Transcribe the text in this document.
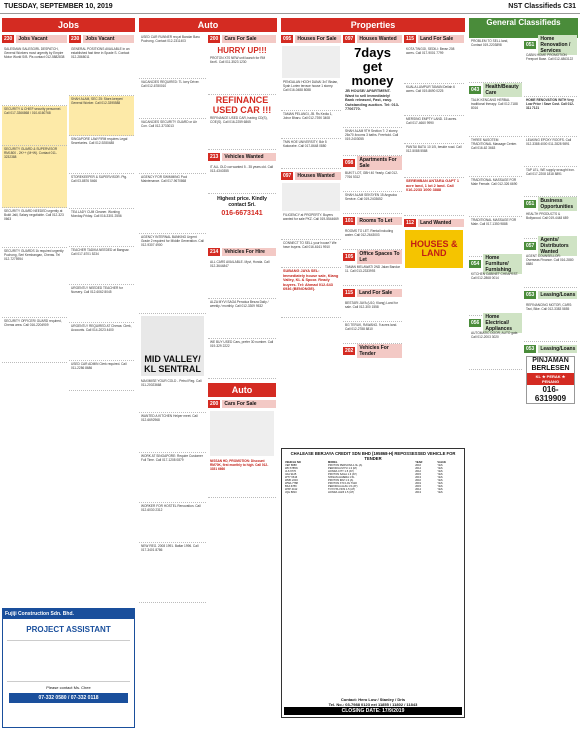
TUESDAY, SEPTEMBER 10, 2019	NST Classifieds C31
Jobs
230	Jobs Vacant
SALESMAN SALESGIRL DESPATCH, General Workers most urgently by Empire Motor World S/B. Pls contact 012-5882838
SECURITY & CHIEF security personnel. Call 017-3366868 / 010-6160768
SECURITY GUARD & SUPERVISOR RM1800 - 2K++ (M+W). Contact 011-3232388
SECURITY GUARD NEEDED urgently at Bukit Jalil, Salary negotiable. Call 012-323 0663
SECURITY GUARDS 1k required urgently Puchong, Seri Kembangan, Cheras. Tel 012-7275954
SECURITY OFFICER/ GUARD required, Cheras area. Call 016-2204909
230	Jobs Vacant
GENERAL POSITIONS AVAILABLE in an established fast time in Spade S. Contact 012-2868011
SHAH ALAM, SEC 25: Store-keeper/ General Worker. Call 012-3395588
SINGAPORE LAW FIRM requires Legal Secretaries. Call 012-9280488
STOREKEEPER & SUPERVISOR. Ptg. Call 03-8876 5466
TEA LADY CUM Cleaner. Working Monday-Friday. Call 016-3301 2556
TEACHER TADIKA NEEDED at Bangsar. Call 017-6701 5234
URGENTLY NEEDED TEACHER for Nursery. Call 012-6062 8045
URGENTLY REQUIRED AT Cheras: Clerk, Accounts. Call 014-2023 4400
USED CAR ADMIN Clerk required. Call 011-2286 8686
Fujiji Construction Sdn. Bhd.
PROJECT ASSISTANT
Please contact Ms. Chee
07-332 0580 / 07-332 0118
Auto
USED CAR RUNNER req at Bandar Baru Puchong. Contact 012-2311403
VACANCIES REQUIRED: TL lorry Driver. Call 012-6780010
VACANCIES SECURITY GUARD or Air Con. Call 012-3733013
AGENCY FOR SWIMMING Pool Maintenance. Call 017-9670868
AGENCY INTERNAL BANKING Urgent Grade 2 required for Middle Generation. Call 012-9307 4900
MID VALLEY/ KL SENTRAL
MAXIMISE YOUR COLD - Petrol Reg. Call 011-20023668
WANTED A KITCHEN Helper meet. Call 012-6692968
WORK AT SINGAPORE: Require Customer Full Time. Call 017-1208 0879
WORKER FOR HOSTEL Renovation. Call 012-6030 2312
NEW REG. 2008 1991. Bafiar 1996. Call 017-3401 8786
200	Cars For Sale
HURRY UP!!!
PROTON X70 NEW unit launch for RM 6xxK. Call 011-3523 1230
REFINANCE USED CAR !!!
REFINANCE USED CAR, having CD(S), COE(S). Call 016-2259 6865
213	Vehicles Wanted
IT ALL OLD car wanted 5 - 35 years old. Call 013-4340355
Highest price. Kindly contact Sri.
016-6673141
214	Vehicles For Hire
ALL CARS AVAILABLE. Myvi, Honda. Call 012-3644847
ALZA MYVI SAGA Perodua Bezza Daily / weekly / monthly. Call 012-3309 9532
WE BUY USED Cars, prefer 30 number. Call 019-329 2222
Auto
200	Cars For Sale
NISSAN HD, PROMOTION: Discount RM70K, first monthly to high. Call 012-3351 6666
Properties
095	Houses For Sale
PENGALAN HOOH DANA! 3x7 Bistan, Syah Lorien terrace house 1 storey. Call 016-0488 8088
TAMAN PELANGI, JB. Rs Kedia 1, Johor Bharu. Call 012-7390 3408
TMN HOE UNIVERSITY, Bdr 5 Kakorahe. Call 017-8648 0880
097	Houses Wanted
FILIGENCY at PROPERTY. Buyers wanted for sale PKZ. Call 019-5544669
CONNECT TO SELL your house? We have buyers. Call 016-6161 9910
SUBANG JAYA SEL: Immediately house sale, Klang Valley, KL & Spoor. Ready buyers. Tel: Ahmad 012-643 6936 (BENONGE).
097	Houses Wanted
7days get money
JB HOUSE/ APARTMENT. Want to sell immediately! Bank released, Fast, easy. Outstanding auction. Tel: 013-7706770.
SHAH ALAM 9TH Section 7: 2 storey. 26x70 4rooms 3 baths. Freehold. Call 019-2403055
098	Apartments For Sale
BUKIT LOT, GBH 40 Yearly. Call 012-7766 5312
SHAH ALAM SEKSYEN 15 Angsoka Service. Call 019-2403652
101	Rooms To Let
ROOMS TO LET. Rental including water. Call 012-2643003
105	Office Spaces To Let
TAMAN MELAWATI 2ND Jalan Bandar 11. Call 013-2333993
115	Land For Sale
BESTARI JAYA (U10, Klang) Land for sale. Call 012-300 1558
BG TERUK, RAWANG. 9 acres land. Call 012-2788 8810
202	Vehicles For Tender
115	Land For Sale
KOTA TINGGI, SEDILI: Beran 208 acres. Call 017-9001 7799
KUALA LUMPUR TAMAN Dellah 6 acres. Call 019-8690 0225
MERSING EMPTY LAND. 15 acres. Call 017-4660 9990
PANTAI BATU 10 1/5, beside road. Call 012-5088 5588
SEREMBAN ANTARA GAPT 1 acre land, 1 lot 2 land. Call 016-2233 1000 3888
112	Land Wanted
HOUSES & LAND
CHALEASE BERJAYA CREDIT SDN BHD (195868-H) REPOSSESSED VEHICLE FOR TENDER
VEHICLE NO	MODEL	YEAR	VALUE
VEP 8888	PROTON PERSONA 1.6L (A)	2016	YES
WD 6785N	PERODUA MYVI 1.3 (M)	2014	YES
JLS 6770	HONDA CITY 1.5 (AT)	2012	YES
VAA 9125	PROTON SAGA 1.3 (AT)	2015	YES
WTY 6616	NISSAN ALMERA 1.5L	2013	YES
WMK 2216	PROTON IRIZ 1.3 (A)	2016	YES
WWA 7788	PROTON X70 1.8L TGDI	2019	YES
BKA 6789	PERODUA ALZA 1.5 (AT)	2015	YES
WXP 4412	TOYOTA VIOS 1.5 (AT)	2014	YES
JQH 8810	HONDA JAZZ 1.5 (AT)	2013	YES
Contact: Hero Low / Stanley / Dris
Tel. No.: 03-7988 0123 ext 11855 / 11802 / 11843
CLOSING DATE: 17/9/2019
General Classifieds
PROBLEM TO SELL land, Contact 019-2203898
043	Health/Beauty Care
TALIK KENCANG HERBAL traditional therapy. Call 012-7188 8016
THREE NASOTEM TRADITIONAL Massage Center. Call 016-62 3663
TRADITIONAL MASSAGE FOR Male Female. Call 012-326 6690
TRADITIONAL MASSAGE FOR Male. Call 017-1350 9888
054
Home Furniture/ Furnishing
KITCHEN CABINET CHEAPEST. Call 012-2868 0014
056
Home Electrical/ Appliances
AUTOMATIC DOOR, AUTO gate. Call 012-2003 3020
051
Home Renovation / Services
CABIN HOME PROMOTION Freeport Base. Call 012-4863122
HOME RENOVATION WITH Very Low Price / Save Cost. Call 012-311 7121
LEAKING EPOXY ROOFS. Call 012-3388 4000 011-2828 9891
TAP LEL, WE supply wrought iron. Call 017-2208 1818 8891
051	Business Opportunities
HEALTH PRODUCTS & Bollywood. Call 019-4448 689
057
Agents/ Distributors Wanted
AGENT COUNSELLOR: Overseas Finance. Call 016-2880 8880
053	Leasing/Loans
REFINANCING MOTOR, CARS: Taxi, Bike. Call 012-3383 5855
053	Leasing/Loans
PINJAMAN BERLESEN
KL ★ PERAK ★ PENANG
016-6319909
